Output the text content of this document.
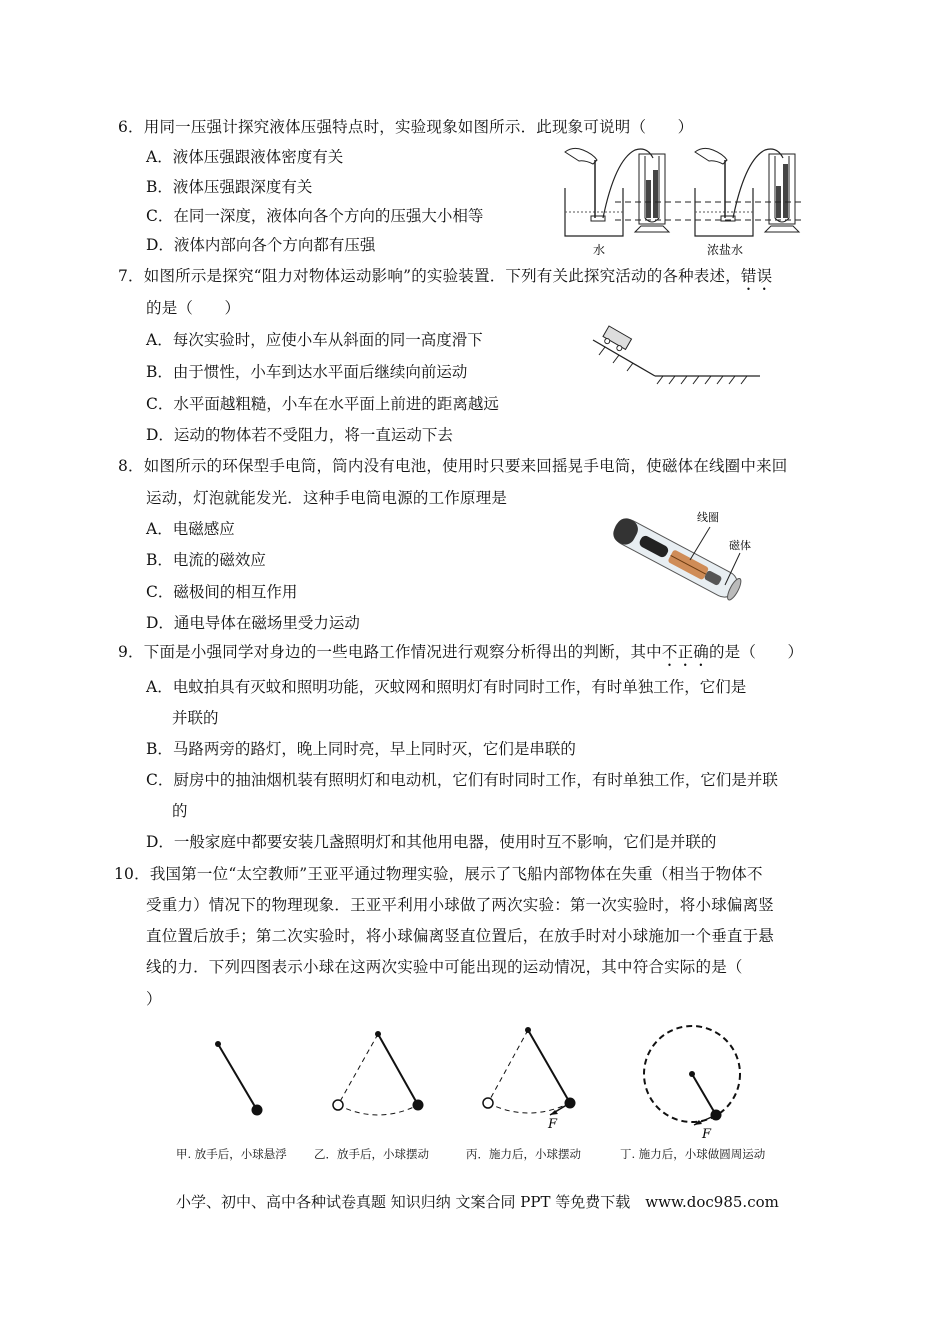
6．用同一压强计探究液体压强特点时，实验现象如图所示．此现象可说明（　　）
A．液体压强跟液体密度有关
B．液体压强跟深度有关
C．在同一深度，液体向各个方向的压强大小相等
D．液体内部向各个方向都有压强	水	浓盐水
7．如图所示是探究“阻力对物体运动影响”的实验装置．下列有关此探究活动的各种表述，错误
的是（　　）
A．每次实验时，应使小车从斜面的同一高度滑下
B．由于惯性，小车到达水平面后继续向前运动
C．水平面越粗糙，小车在水平面上前进的距离越远
D．运动的物体若不受阻力，将一直运动下去
8．如图所示的环保型手电筒，筒内没有电池，使用时只要来回摇晃手电筒，使磁体在线圈中来回
运动，灯泡就能发光．这种手电筒电源的工作原理是
A．电磁感应
B．电流的磁效应
C．磁极间的相互作用
D．通电导体在磁场里受力运动
线圈
磁体
9．下面是小强同学对身边的一些电路工作情况进行观察分析得出的判断，其中不正确的是（　　）
A．电蚊拍具有灭蚊和照明功能，灭蚊网和照明灯有时同时工作，有时单独工作，它们是
并联的
B．马路两旁的路灯，晚上同时亮，早上同时灭，它们是串联的
C．厨房中的抽油烟机装有照明灯和电动机，它们有时同时工作，有时单独工作，它们是并联
的
D．一般家庭中都要安装几盏照明灯和其他用电器，使用时互不影响，它们是并联的
10．我国第一位“太空教师”王亚平通过物理实验，展示了飞船内部物体在失重（相当于物体不
受重力）情况下的物理现象．王亚平利用小球做了两次实验：第一次实验时，将小球偏离竖
直位置后放手；第二次实验时，将小球偏离竖直位置后，在放手时对小球施加一个垂直于悬
线的力．下列四图表示小球在这两次实验中可能出现的运动情况，其中符合实际的是（
）
F
F
甲. 放手后，小球悬浮 乙．放手后，小球摆动	丙．施力后，小球摆动	丁. 施力后，小球做圆周运动
小学、初中、高中各种试卷真题 知识归纳 文案合同 PPT 等免费下载　www.doc985.com
